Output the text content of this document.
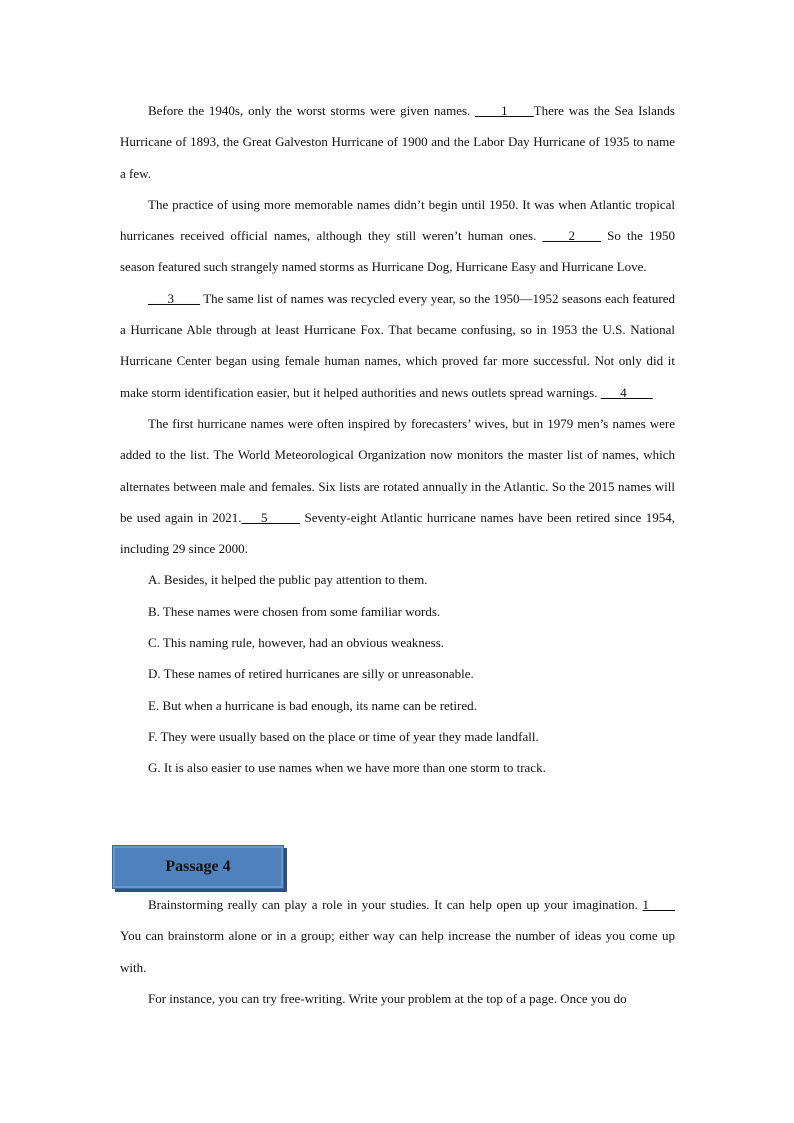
Before the 1940s, only the worst storms were given names. ____1____There was the Sea Islands Hurricane of 1893, the Great Galveston Hurricane of 1900 and the Labor Day Hurricane of 1935 to name a few.

The practice of using more memorable names didn’t begin until 1950. It was when Atlantic tropical hurricanes received official names, although they still weren’t human ones. ____2____ So the 1950 season featured such strangely named storms as Hurricane Dog, Hurricane Easy and Hurricane Love.

___3____ The same list of names was recycled every year, so the 1950—1952 seasons each featured a Hurricane Able through at least Hurricane Fox. That became confusing, so in 1953 the U.S. National Hurricane Center began using female human names, which proved far more successful. Not only did it make storm identification easier, but it helped authorities and news outlets spread warnings. ___4____

The first hurricane names were often inspired by forecasters’ wives, but in 1979 men’s names were added to the list. The World Meteorological Organization now monitors the master list of names, which alternates between male and females. Six lists are rotated annually in the Atlantic. So the 2015 names will be used again in 2021.___5_____ Seventy-eight Atlantic hurricane names have been retired since 1954, including 29 since 2000.

A. Besides, it helped the public pay attention to them.

B. These names were chosen from some familiar words.

C. This naming rule, however, had an obvious weakness.

D. These names of retired hurricanes are silly or unreasonable.

E. But when a hurricane is bad enough, its name can be retired.

F. They were usually based on the place or time of year they made landfall.

G. It is also easier to use names when we have more than one storm to track.

Passage 4

Brainstorming really can play a role in your studies. It can help open up your imagination. 1____ You can brainstorm alone or in a group; either way can help increase the number of ideas you come up with.

For instance, you can try free-writing. Write your problem at the top of a page. Once you do
